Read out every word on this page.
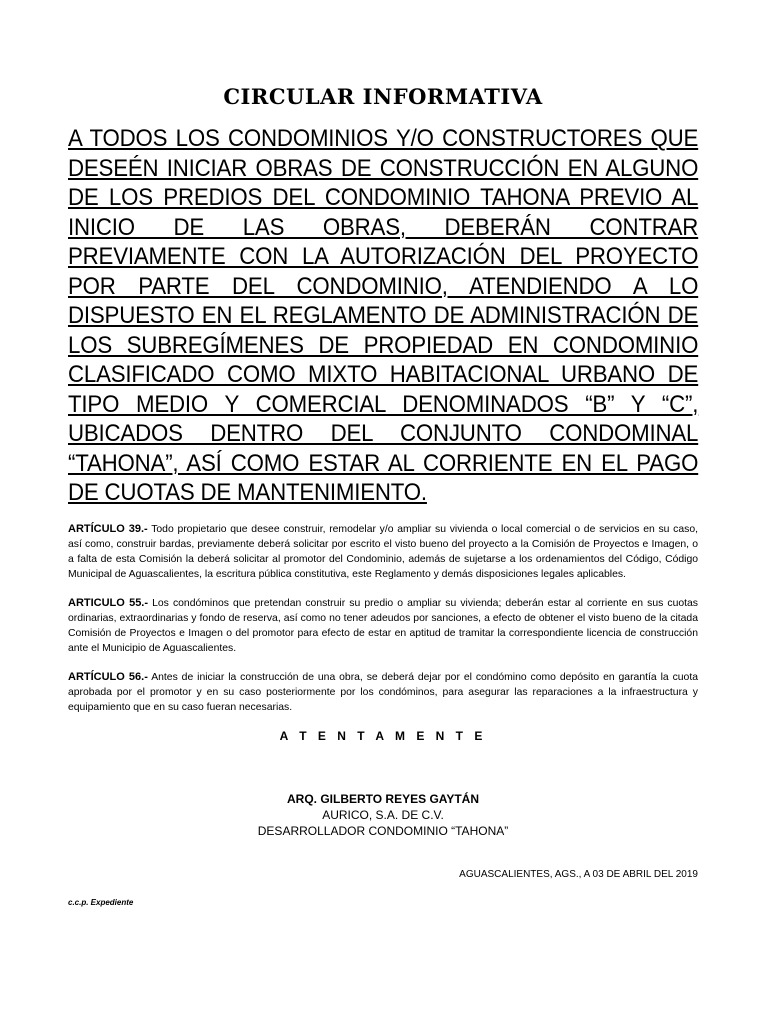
CIRCULAR INFORMATIVA

A TODOS LOS CONDOMINIOS Y/O CONSTRUCTORES QUE DESEÉN INICIAR OBRAS DE CONSTRUCCIÓN EN ALGUNO DE LOS PREDIOS DEL CONDOMINIO TAHONA PREVIO AL INICIO DE LAS OBRAS, DEBERÁN CONTRAR PREVIAMENTE CON LA AUTORIZACIÓN DEL PROYECTO POR PARTE DEL CONDOMINIO, ATENDIENDO A LO DISPUESTO EN EL REGLAMENTO DE ADMINISTRACIÓN DE LOS SUBREGÍMENES DE PROPIEDAD EN CONDOMINIO CLASIFICADO COMO MIXTO HABITACIONAL URBANO DE TIPO MEDIO Y COMERCIAL DENOMINADOS “B” Y “C”, UBICADOS DENTRO DEL CONJUNTO CONDOMINAL “TAHONA”, ASÍ COMO ESTAR AL CORRIENTE EN EL PAGO DE CUOTAS DE MANTENIMIENTO.

ARTÍCULO 39.- Todo propietario que desee construir, remodelar y/o ampliar su vivienda o local comercial o de servicios en su caso, así como, construir bardas, previamente deberá solicitar por escrito el visto bueno del proyecto a la Comisión de Proyectos e Imagen, o a falta de esta Comisión la deberá solicitar al promotor del Condominio, además de sujetarse a los ordenamientos del Código, Código Municipal de Aguascalientes, la escritura pública constitutiva, este Reglamento y demás disposiciones legales aplicables.

ARTICULO 55.- Los condóminos que pretendan construir su predio o ampliar su vivienda; deberán estar al corriente en sus cuotas ordinarias, extraordinarias y fondo de reserva, así como no tener adeudos por sanciones, a efecto de obtener el visto bueno de la citada Comisión de Proyectos e Imagen o del promotor para efecto de estar en aptitud de tramitar la correspondiente licencia de construcción ante el Municipio de Aguascalientes.

ARTÍCULO 56.- Antes de iniciar la construcción de una obra, se deberá dejar por el condómino como depósito en garantía la cuota aprobada por el promotor y en su caso posteriormente por los condóminos, para asegurar las reparaciones a la infraestructura y equipamiento que en su caso fueran necesarias.

A T E N T A M E N T E

ARQ. GILBERTO REYES GAYTÁN
AURICO, S.A. DE C.V.
DESARROLLADOR CONDOMINIO “TAHONA”

AGUASCALIENTES, AGS., A 03 DE ABRIL DEL 2019

c.c.p. Expediente
